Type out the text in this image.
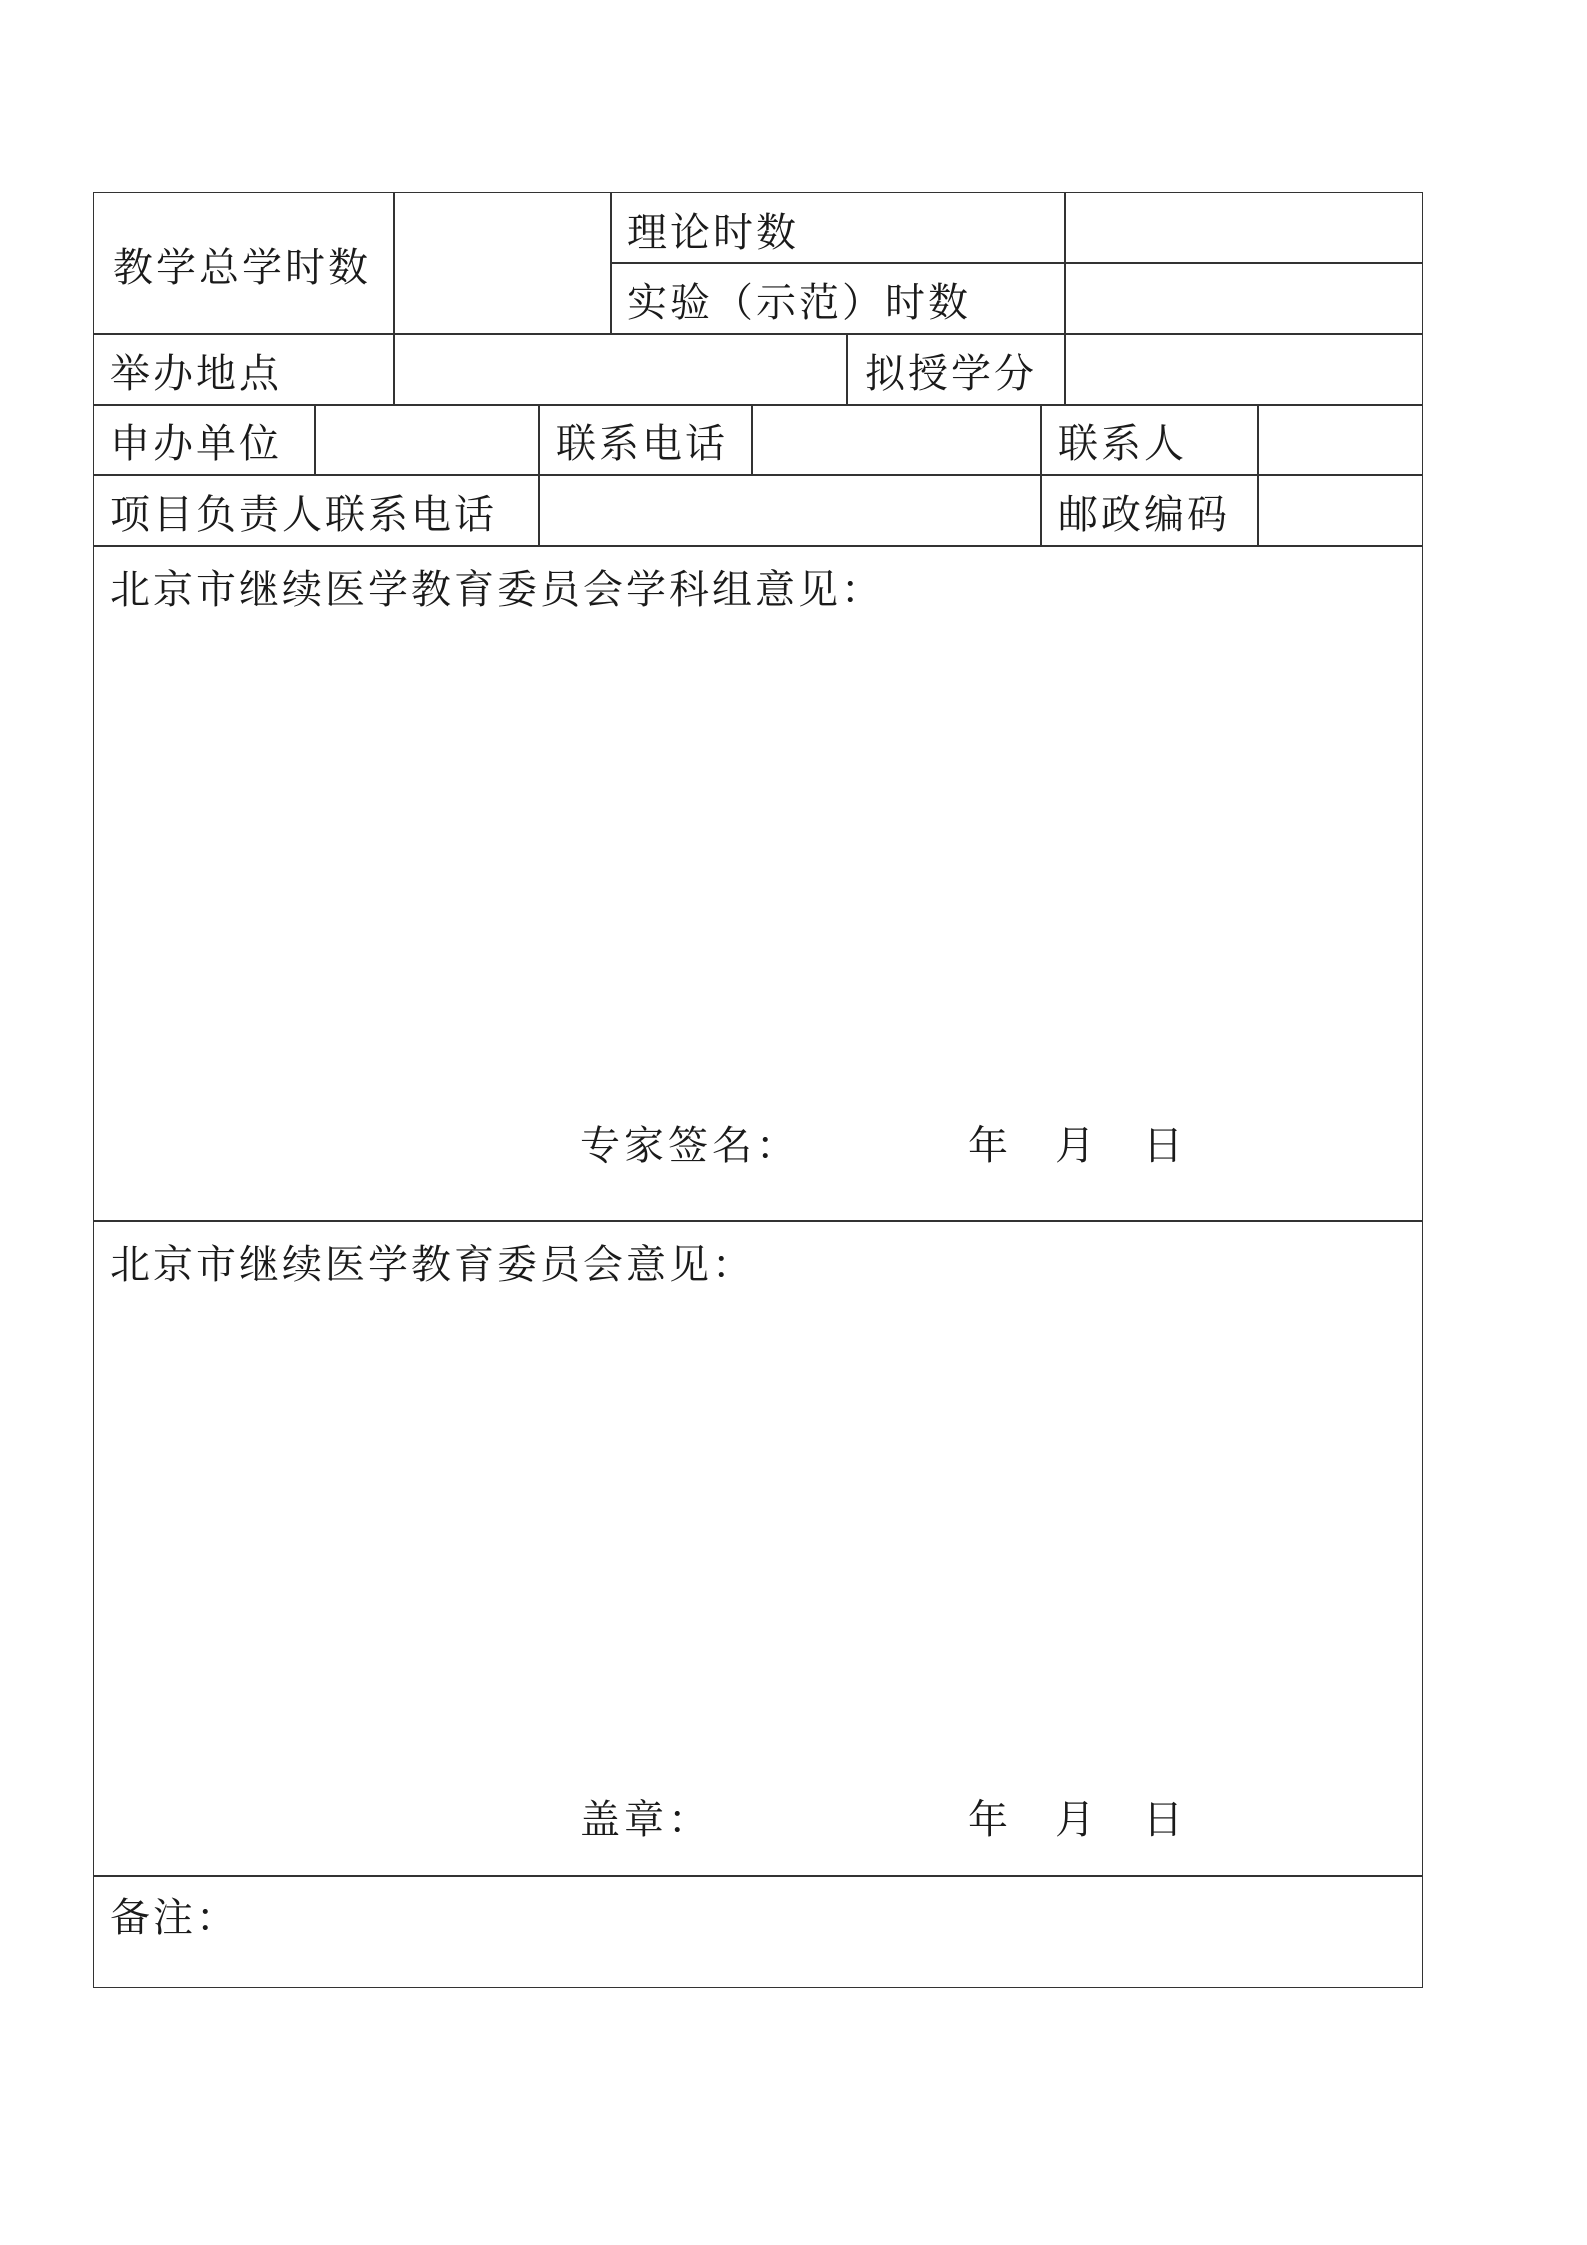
教学总学时数
理论时数
实验（示范）时数
举办地点	拟授学分
申办单位	联系电话	联系人
项目负责人联系电话	邮政编码
北京市继续医学教育委员会学科组意见：
专家签名：	年 月 日
北京市继续医学教育委员会意见：
盖章：	年 月 日
备注：
